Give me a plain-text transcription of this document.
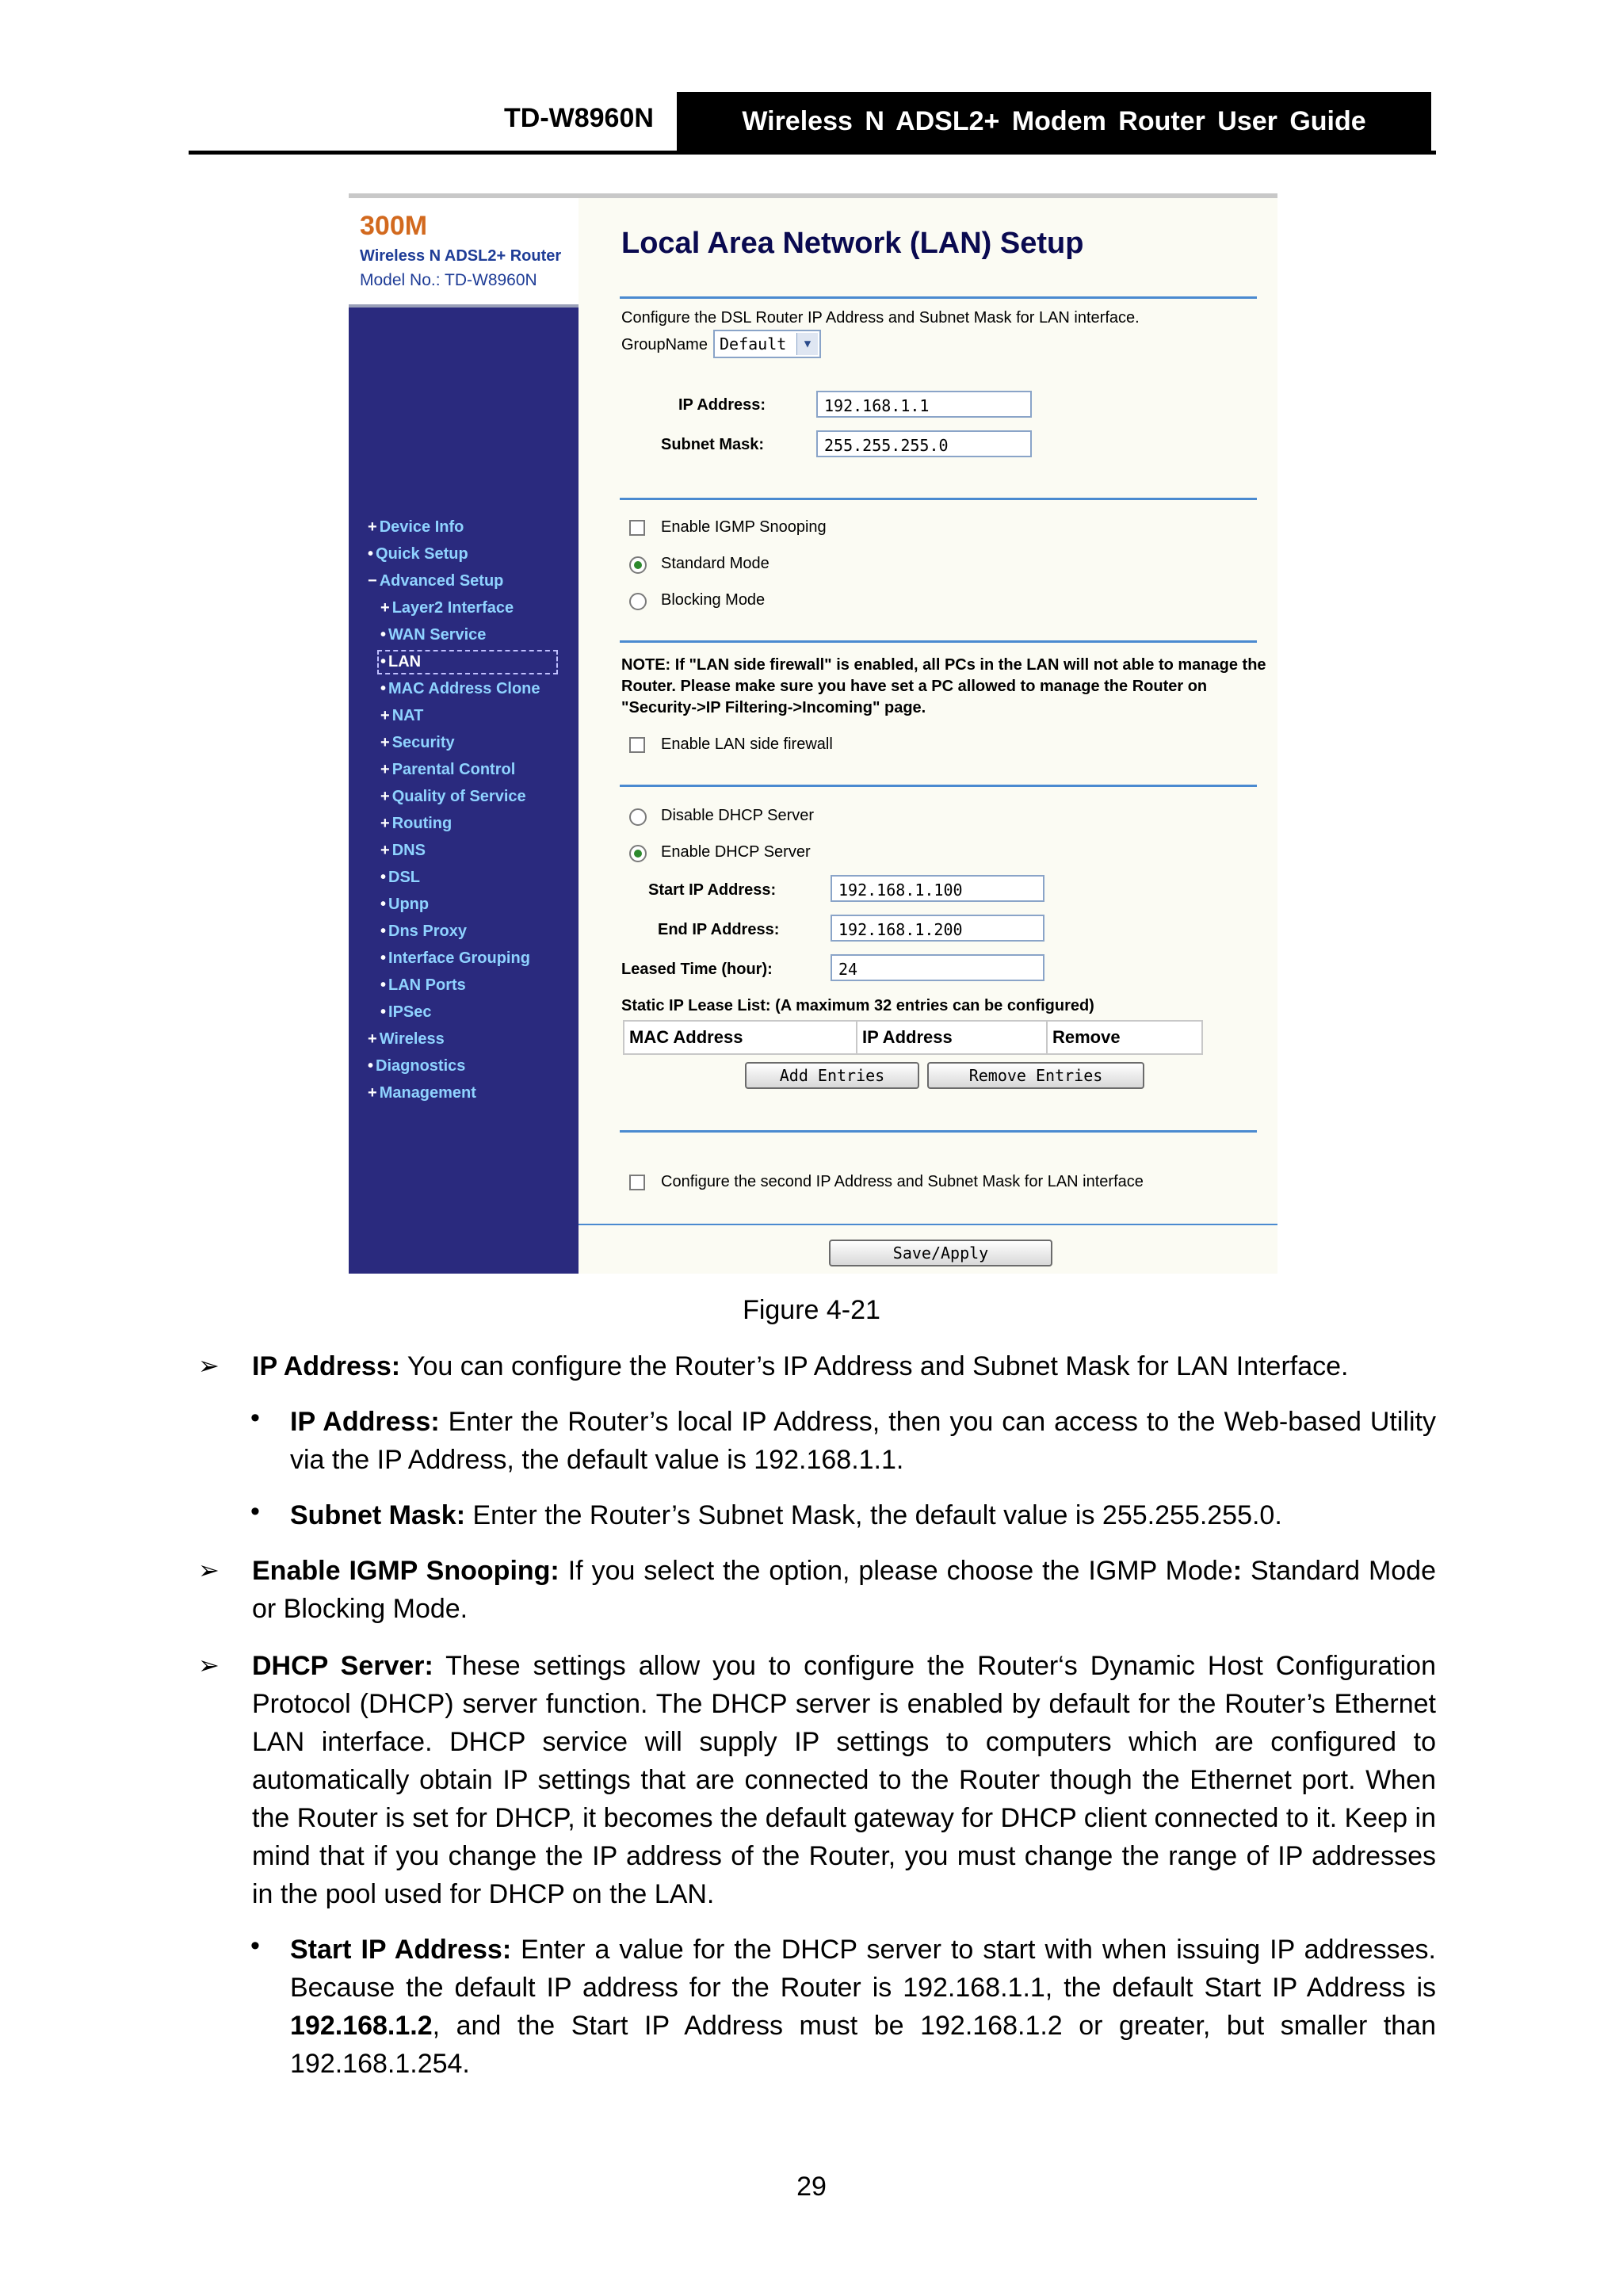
TD-W8960N	Wireless N ADSL2+ Modem Router User Guide
300M
Wireless N ADSL2+ Router
Model No.: TD-W8960N
+ Device Info
• Quick Setup
− Advanced Setup
+ Layer2 Interface
• WAN Service
• LAN
• MAC Address Clone
+ NAT
+ Security
+ Parental Control
+ Quality of Service
+ Routing
+ DNS
• DSL
• Upnp
• Dns Proxy
• Interface Grouping
• LAN Ports
• IPSec
+ Wireless
• Diagnostics
+ Management
Local Area Network (LAN) Setup
Configure the DSL Router IP Address and Subnet Mask for LAN interface.
GroupName Default	▼
IP Address:	192.168.1.1
Subnet Mask:	255.255.255.0
Enable IGMP Snooping
Standard Mode
Blocking Mode
NOTE: If "LAN side firewall" is enabled, all PCs in the LAN will not able to manage the Router. Please make sure you have set a PC allowed to manage the Router on "Security->IP Filtering->Incoming" page.
Enable LAN side firewall
Disable DHCP Server
Enable DHCP Server
Start IP Address:	192.168.1.100
End IP Address:	192.168.1.200
Leased Time (hour):	24
Static IP Lease List: (A maximum 32 entries can be configured)
MAC Address	IP Address	Remove
Add Entries	Remove Entries
Configure the second IP Address and Subnet Mask for LAN interface
Save/Apply
Figure 4-21
➢ IP Address: You can configure the Router’s IP Address and Subnet Mask for LAN Interface.
• IP Address: Enter the Router’s local IP Address, then you can access to the Web-based Utility via the IP Address, the default value is 192.168.1.1.
• Subnet Mask: Enter the Router’s Subnet Mask, the default value is 255.255.255.0.
➢ Enable IGMP Snooping: If you select the option, please choose the IGMP Mode: Standard Mode or Blocking Mode.
➢ DHCP Server: These settings allow you to configure the Router‘s Dynamic Host Configuration Protocol (DHCP) server function. The DHCP server is enabled by default for the Router’s Ethernet LAN interface. DHCP service will supply IP settings to computers which are configured to automatically obtain IP settings that are connected to the Router though the Ethernet port. When the Router is set for DHCP, it becomes the default gateway for DHCP client connected to it. Keep in mind that if you change the IP address of the Router, you must change the range of IP addresses in the pool used for DHCP on the LAN.
• Start IP Address: Enter a value for the DHCP server to start with when issuing IP addresses. Because the default IP address for the Router is 192.168.1.1, the default Start IP Address is 192.168.1.2, and the Start IP Address must be 192.168.1.2 or greater, but smaller than 192.168.1.254.
29
